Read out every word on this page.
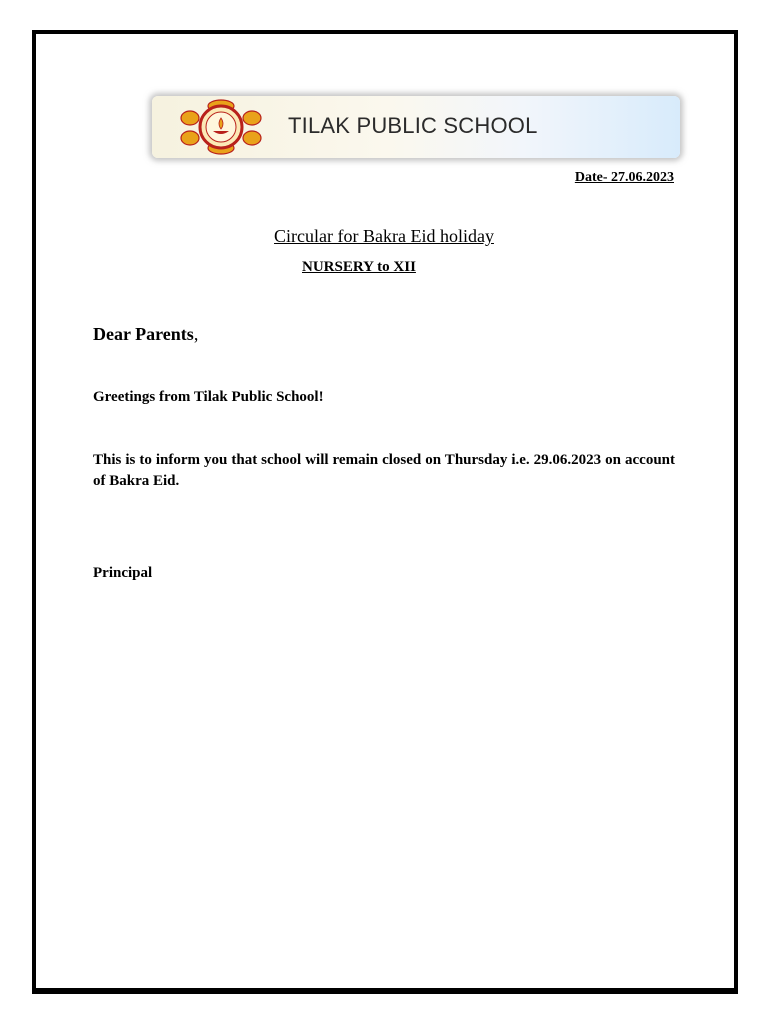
TILAK PUBLIC SCHOOL
Date- 27.06.2023
Circular for Bakra Eid holiday
NURSERY to XII
Dear Parents,
Greetings from Tilak Public School!
This is to inform you that school will remain closed on Thursday i.e. 29.06.2023 on account of Bakra Eid.
Principal
